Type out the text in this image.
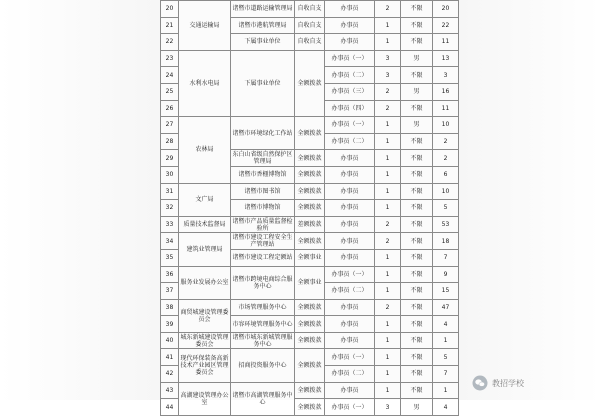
20	交通运输局	诸暨市道路运输管理局	自收自支	办事员	2	不限	20
21		诸暨市港航管理局	自收自支	办事员	1	不限	22
22		下属事业单位	自收自支	办事员	1	不限	11
23	水利水电局	下属事业单位	全额拨款	办事员（一）	3	男	13
24				办事员（二）	3	不限	3
25				办事员（三）	2	男	16
26				办事员（四）	2	不限	11
27	农林局	诸暨市环境绿化工作站	全额拨款	办事员（一）	1	男	10
28				办事员（二）	1	不限	2
29		东白山省级自然保护区管理局	全额拨款	办事员	1	不限	2
30		诸暨市香榧博物馆	全额拨款	办事员	1	不限	6
31	文广局	诸暨市图书馆	全额拨款	办事员	1	不限	10
32		诸暨市博物馆	全额拨款	办事员	1	不限	5
33	质量技术监督局	诸暨市产品质量监督检验所	差额拨款	办事员	2	不限	53
34	建筑业管理局	诸暨市建设工程安全生产管理站	全额拨款	办事员	2	不限	18
35		诸暨市建设工程定额站	全额事业	办事员	1	不限	7
36	服务业发展办公室	诸暨市跨境电商综合服务中心	全额事业	办事员（一）	1	不限	9
37				办事员（二）	1	不限	15
38	商贸城建设管理委员会	市场管理服务中心	全额拨款	办事员	2	不限	47
39		市容环境管理服务中心	全额拨款	办事员	1	不限	4
40	城东新城建设管理委员会	诸暨市城东新城管理服务中心	全额拨款	办事员	1	不限	1
41	现代环保装备高新技术产业园区管理委员会	招商投资服务中心	全额拨款	办事员（一）	1	不限	5
42				办事员（二）	1	不限	7
43	高湖建设管理办公室	诸暨市高湖管理服务中心	全额拨款	办事员	1	不限	1
44			全额拨款	办事员（一）	3	男	4
教招学校
